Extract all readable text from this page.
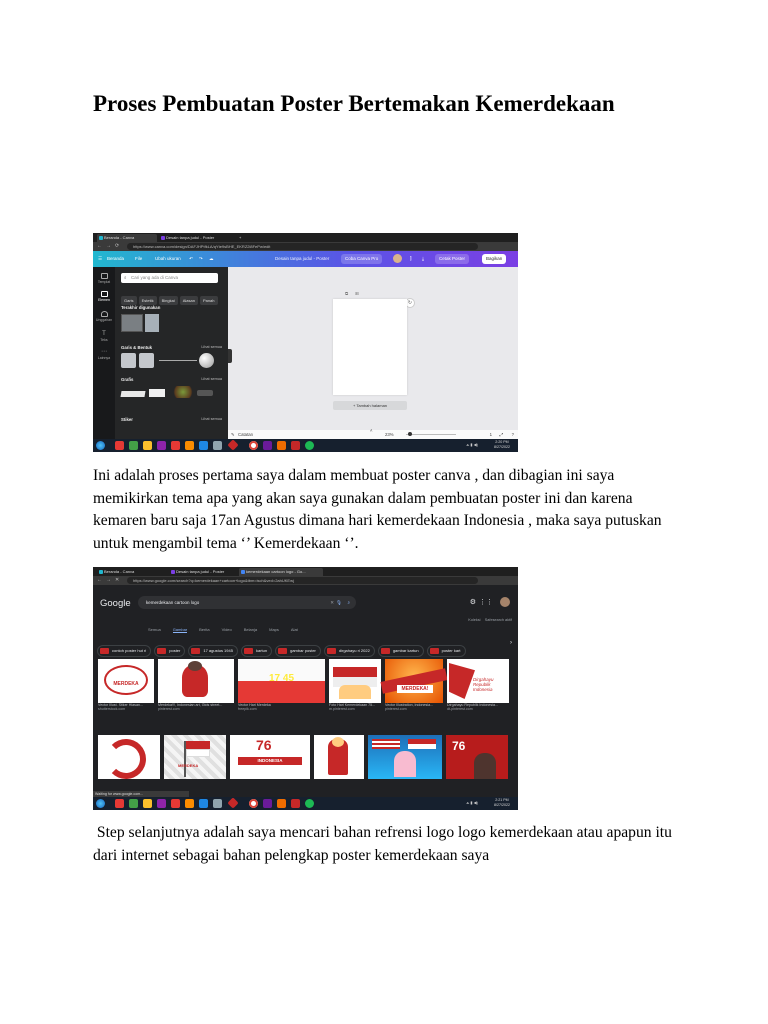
Proses Pembuatan Poster Bertemakan Kemerdekaan
Beranda - Canva	Desain tanpa judul - Poster	+
← → ⟳	https://www.canva.com/design/DAFJHPtfkLA/qYte9sBHE_EKRZ2l8FePw/edit
☰ Beranda File	Ubah ukuran ↶ ↷ ☁	Desain tanpa judul - Poster	Coba Canva Pro	⫿ ⤓	Cetak Poster	Bagikan
Templat
Elemen
Unggahan
T
Teks
⋯
Lainnya
⌕ Cari yang ada di Canva
Garis Estetik Bingkai Alasan Panah
Terakhir digunakan
Garis & Bentuk	Lihat semua
Grafis	Lihat semua
Stiker	Lihat semua
⧉ ⊞
↻
+ Tambah halaman
✎ Catatan
˄
23%	1 ⤢ ?
⏶ ▮ ◀)	2:20 PM
8/27/2022

Ini adalah proses pertama saya dalam membuat poster canva , dan dibagian ini saya memikirkan tema apa yang akan saya gunakan dalam pembuatan poster ini dan karena kemaren baru saja 17an Agustus dimana hari kemerdekaan Indonesia , maka saya putuskan untuk mengambil tema ‘’ Kemerdekaan ‘’.

Beranda - Canva	Desain tanpa judul - Poster	kemerdekaan cartoon logo - Go...
← → ✕	https://www.google.com/search?q=kemerdekaan+cartoon+logo&tbm=isch&ved=2ahUKEwj
Google	kemerdekaan cartoon logo	✕ 🎙 ⌕	⚙ ⋮⋮
Semua	Gambar	Berita	Video	Belanja	Maps	Alat
Koleksi Safesearch aktif
contoh poster hut ri	poster	17 agustus 1945	kartun	gambar poster	dirgahayu ri 2022	gambar kartun	poster kart
›
MERDEKA
Vector Illust. Stiker Hiasan...
shutterstock.com
Merdeka!!!, Indonesian art, Gtds street...
pinterest.com
17 45
Vector Hari Merdeka
freepik.com
Foto Hari Kemerdekaan 75...
m.pinterest.com
MERDEKA!
Vector Illustration, Indonesia...
pinterest.com
Dirgahayu Republik Indonesia
Dirgahayu Republik Indonesia...
dt-pinterest.com
MERDEKA
76
INDONESIA
76
Waiting for www.google.com...
⏶ ▮ ◀)	2:21 PM
8/27/2022

Step selanjutnya adalah saya mencari bahan refrensi logo logo kemerdekaan atau apapun itu dari internet sebagai bahan pelengkap poster kemerdekaan saya
